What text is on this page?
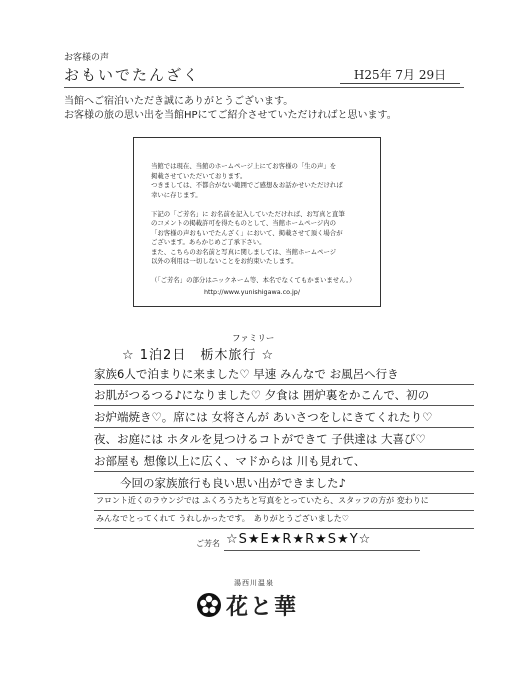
お客様の声
おもいでたんざく	H25年 7月 29日
当館へご宿泊いただき誠にありがとうございます。
お客様の旅の思い出を当館HPにてご紹介させていただければと思います。

当館では現在、当館のホームページ上にてお客様の「生の声」を

掲載させていただいております。

つきましては、不都合がない範囲でご感想＆お話かせいただければ

幸いに存じます。

下記の「ご芳名」に お名前を記入していただければ、お写真と直筆

のコメントの掲載許可を得たものとして、当館ホームページ内の

「お客様の声おもいでたんざく」において、掲載させて頂く場合が

ございます。あらかじめご了承下さい。

また、こちらのお名前と写真に関しましては、当館ホームページ

以外の利用は一切しないことをお約束いたします。

（「ご芳名」の部分はニックネーム等、本名でなくてもかまいません。）

http://www.yunishigawa.co.jp/
ファミリー
☆ 1泊2日　栃木旅行 ☆
家族6人で泊まりに来ました♡ 早速 みんなで お風呂へ行き
お肌がつるつる♪になりました♡ 夕食は 囲炉裏をかこんで、初の
お炉端焼き♡。席には 女将さんが あいさつをしにきてくれたり♡
夜、お庭には ホタルを見つけるコトができて 子供達は 大喜び♡
お部屋も 想像以上に広く、マドからは 川も見れて、
今回の家族旅行も良い思い出ができました♪
フロント近くのラウンジでは ふくろうたちと写真をとっていたら、スタッフの方が 変わりに
みんなでとってくれて うれしかったです。　ありがとうございました♡
ご芳名 ☆S★E★R★R★S★Y☆
湯西川温泉
花と華
